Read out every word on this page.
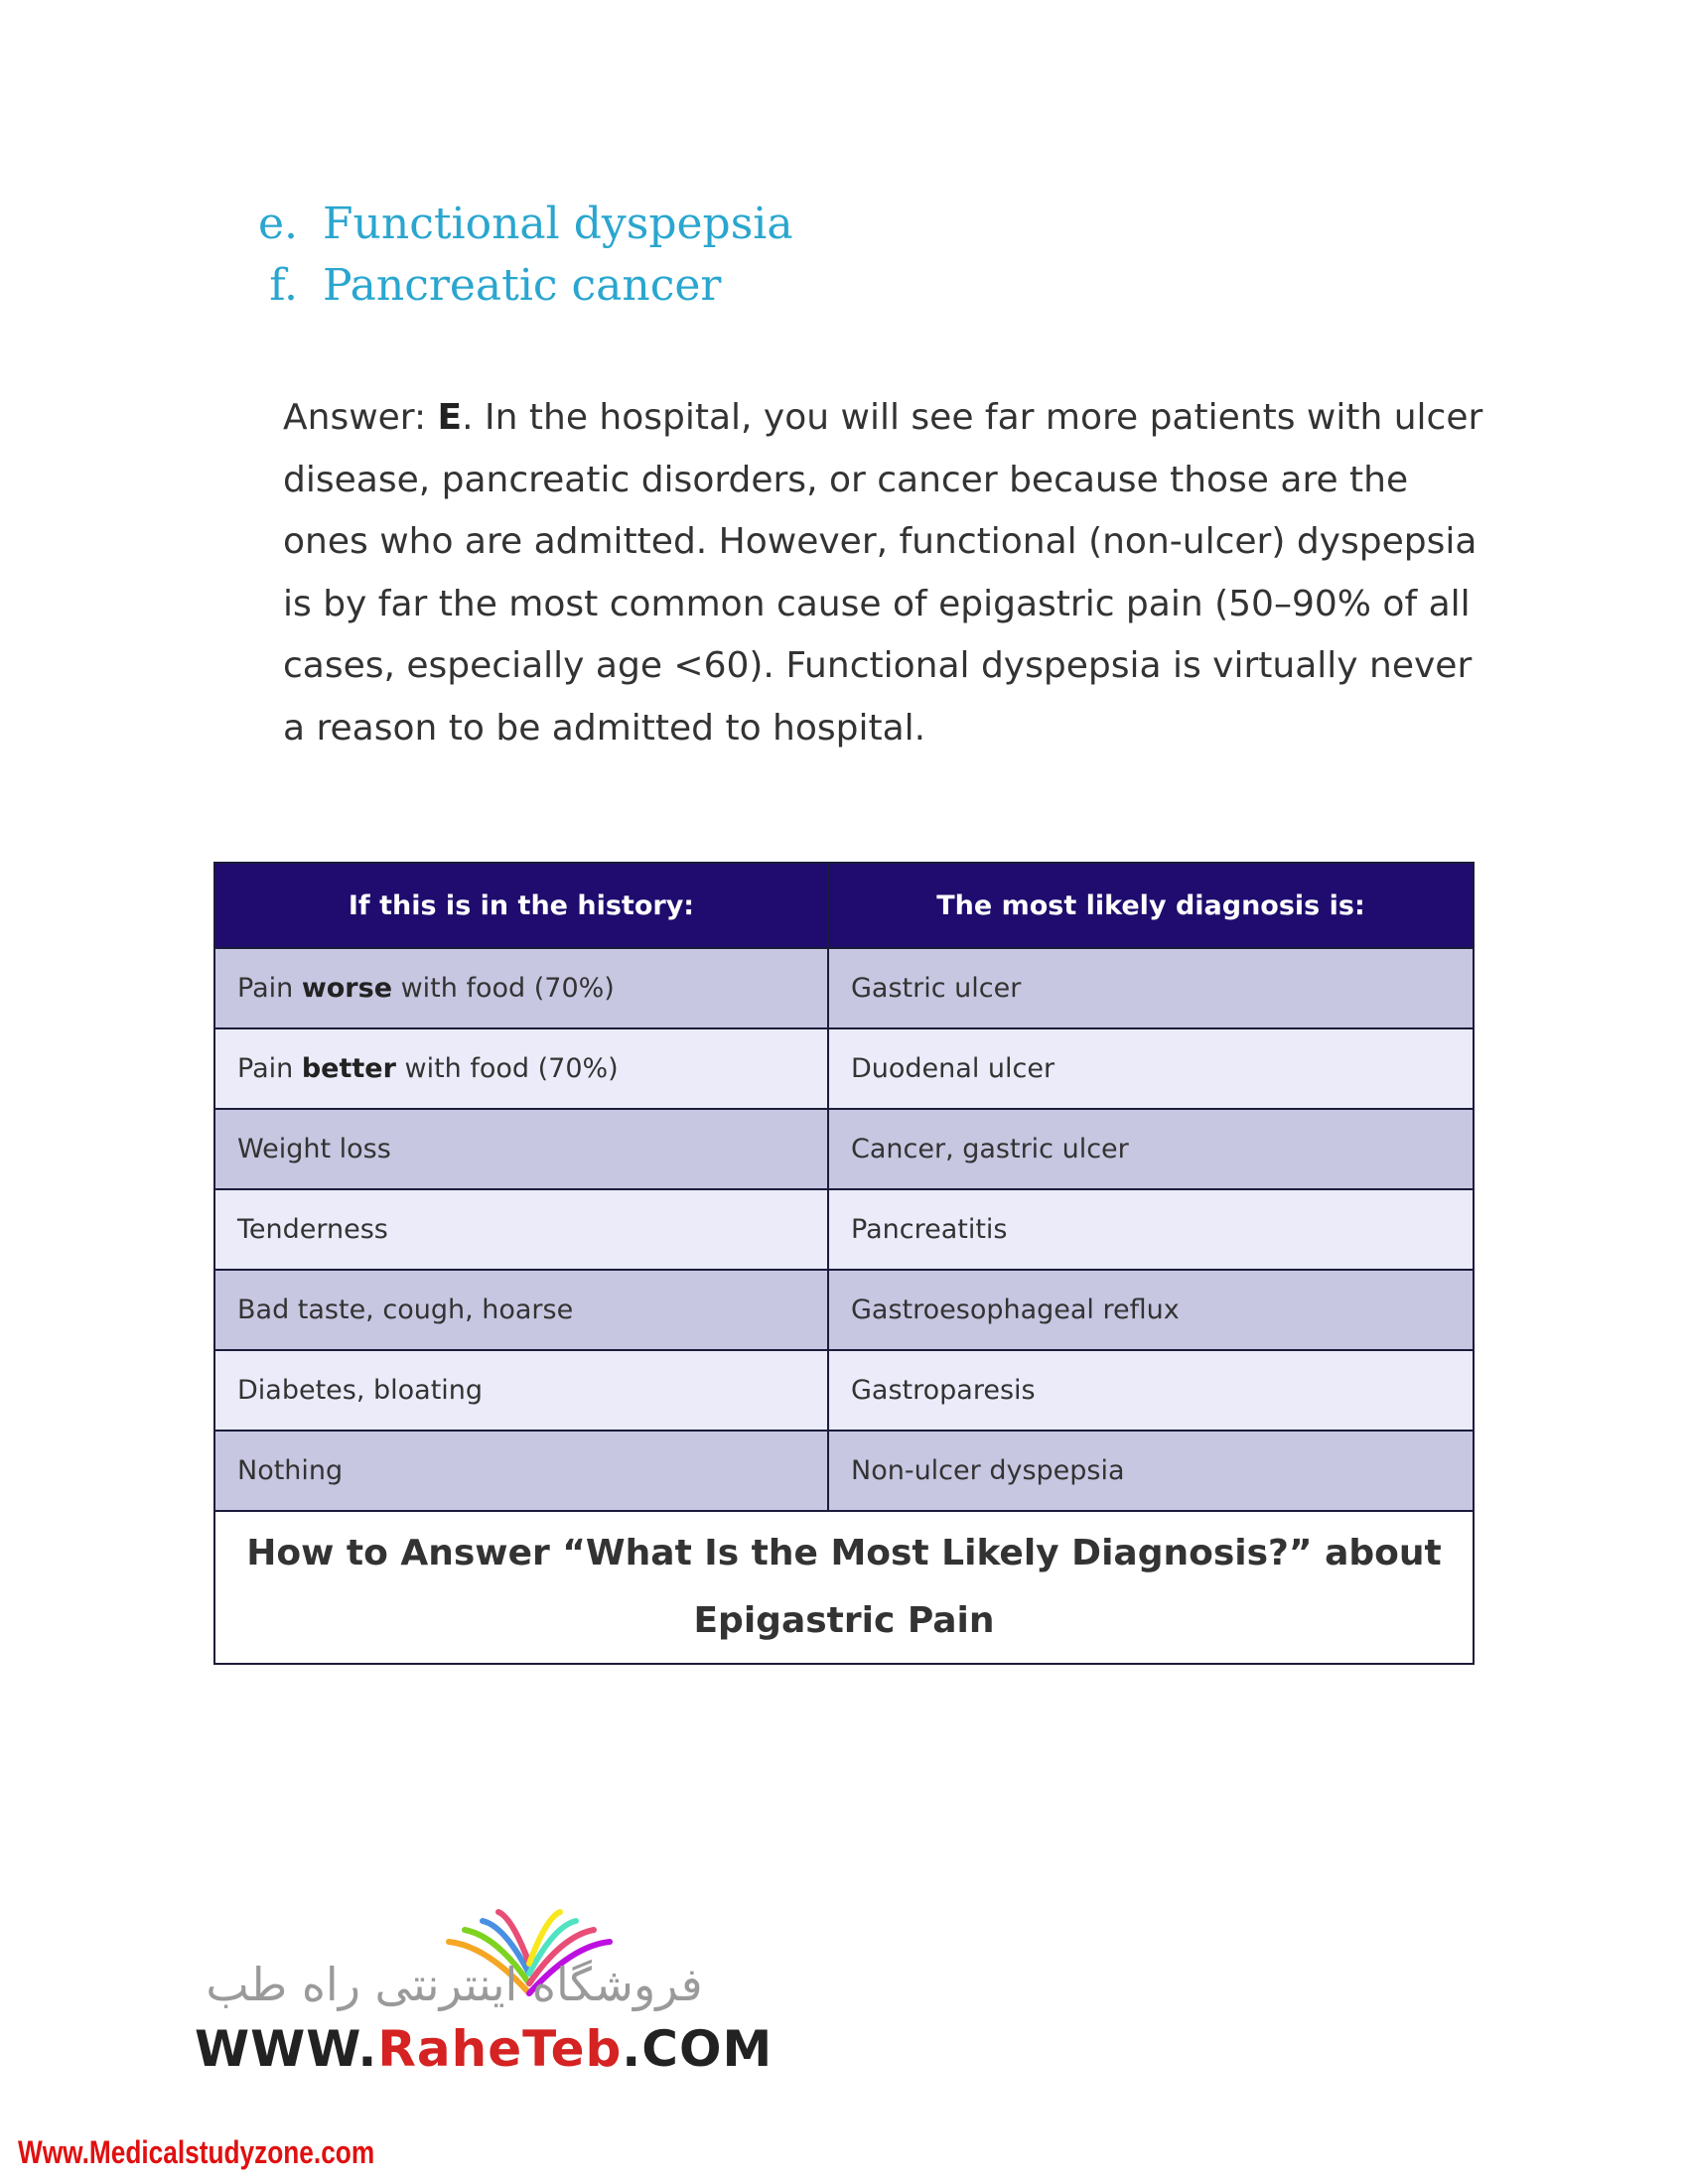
e. Functional dyspepsia
f. Pancreatic cancer
Answer: E. In the hospital, you will see far more patients with ulcer disease, pancreatic disorders, or cancer because those are the ones who are admitted. However, functional (non-ulcer) dyspepsia is by far the most common cause of epigastric pain (50–90% of all cases, especially age <60). Functional dyspepsia is virtually never a reason to be admitted to hospital.
If this is in the history:	The most likely diagnosis is:
Pain worse with food (70%)	Gastric ulcer
Pain better with food (70%)	Duodenal ulcer
Weight loss	Cancer, gastric ulcer
Tenderness	Pancreatitis
Bad taste, cough, hoarse	Gastroesophageal reflux
Diabetes, bloating	Gastroparesis
Nothing	Non-ulcer dyspepsia
How to Answer “What Is the Most Likely Diagnosis?” about Epigastric Pain	
فروشگاه اینترنتی راه طب
WWW.RaheTeb.COM
Www.Medicalstudyzone.com
